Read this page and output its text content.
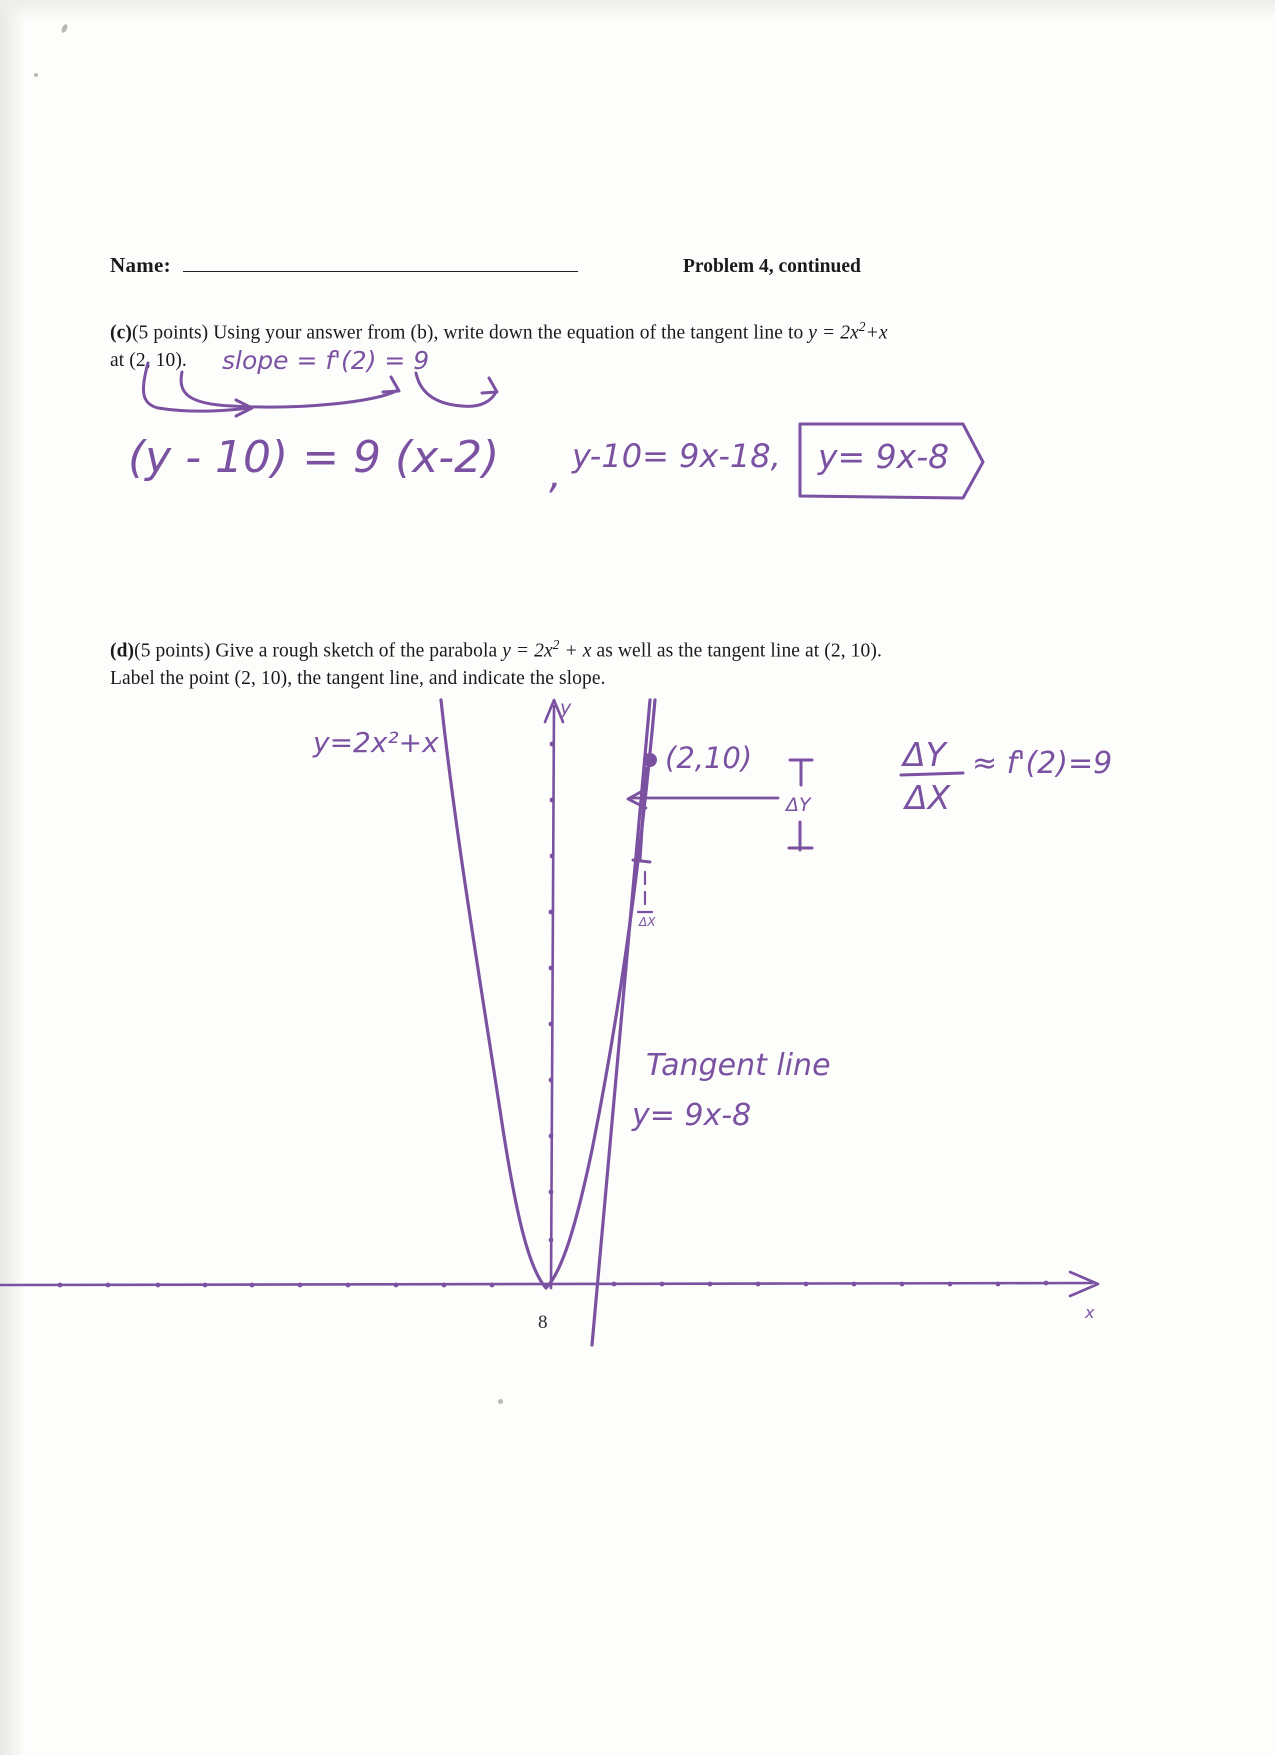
Name:	Problem 4, continued
(c)(5 points) Using your answer from (b), write down the equation of the tangent line to $y = 2x^2+x$
at (2, 10).
(d)(5 points) Give a rough sketch of the parabola $y = 2x^2 + x$ as well as the tangent line at (2, 10).
Label the point (2, 10), the tangent line, and indicate the slope.
8
slope = f'(2) = 9
(y - 10) = 9 (x-2) , y-10= 9x-18, y= 9x-8
y=2x²+x	(2,10)
ΔY
ΔX
ΔY
ΔX
≈ f'(2)=9
Tangent line
y= 9x-8
y
x
